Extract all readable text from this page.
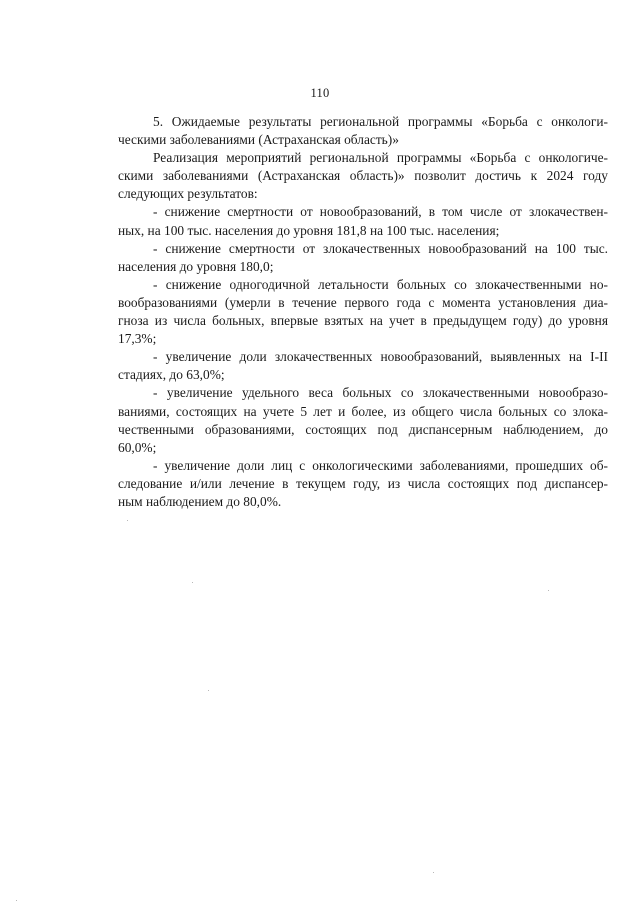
110
5. Ожидаемые результаты региональной программы «Борьба с онкологи-
ческими заболеваниями (Астраханская область)»
Реализация мероприятий региональной программы «Борьба с онкологиче-
скими заболеваниями (Астраханская область)» позволит достичь к 2024 году
следующих результатов:
- снижение смертности от новообразований, в том числе от злокачествен-
ных, на 100 тыс. населения до уровня 181,8 на 100 тыс. населения;
- снижение смертности от злокачественных новообразований на 100 тыс.
населения до уровня 180,0;
- снижение одногодичной летальности больных со злокачественными но-
вообразованиями (умерли в течение первого года с момента установления диа-
гноза из числа больных, впервые взятых на учет в предыдущем году) до уровня
17,3%;
- увеличение доли злокачественных новообразований, выявленных на I-II
стадиях, до 63,0%;
- увеличение удельного веса больных со злокачественными новообразо-
ваниями, состоящих на учете 5 лет и более, из общего числа больных со злока-
чественными образованиями, состоящих под диспансерным наблюдением, до
60,0%;
- увеличение доли лиц с онкологическими заболеваниями, прошедших об-
следование и/или лечение в текущем году, из числа состоящих под диспансер-
ным наблюдением до 80,0%.
